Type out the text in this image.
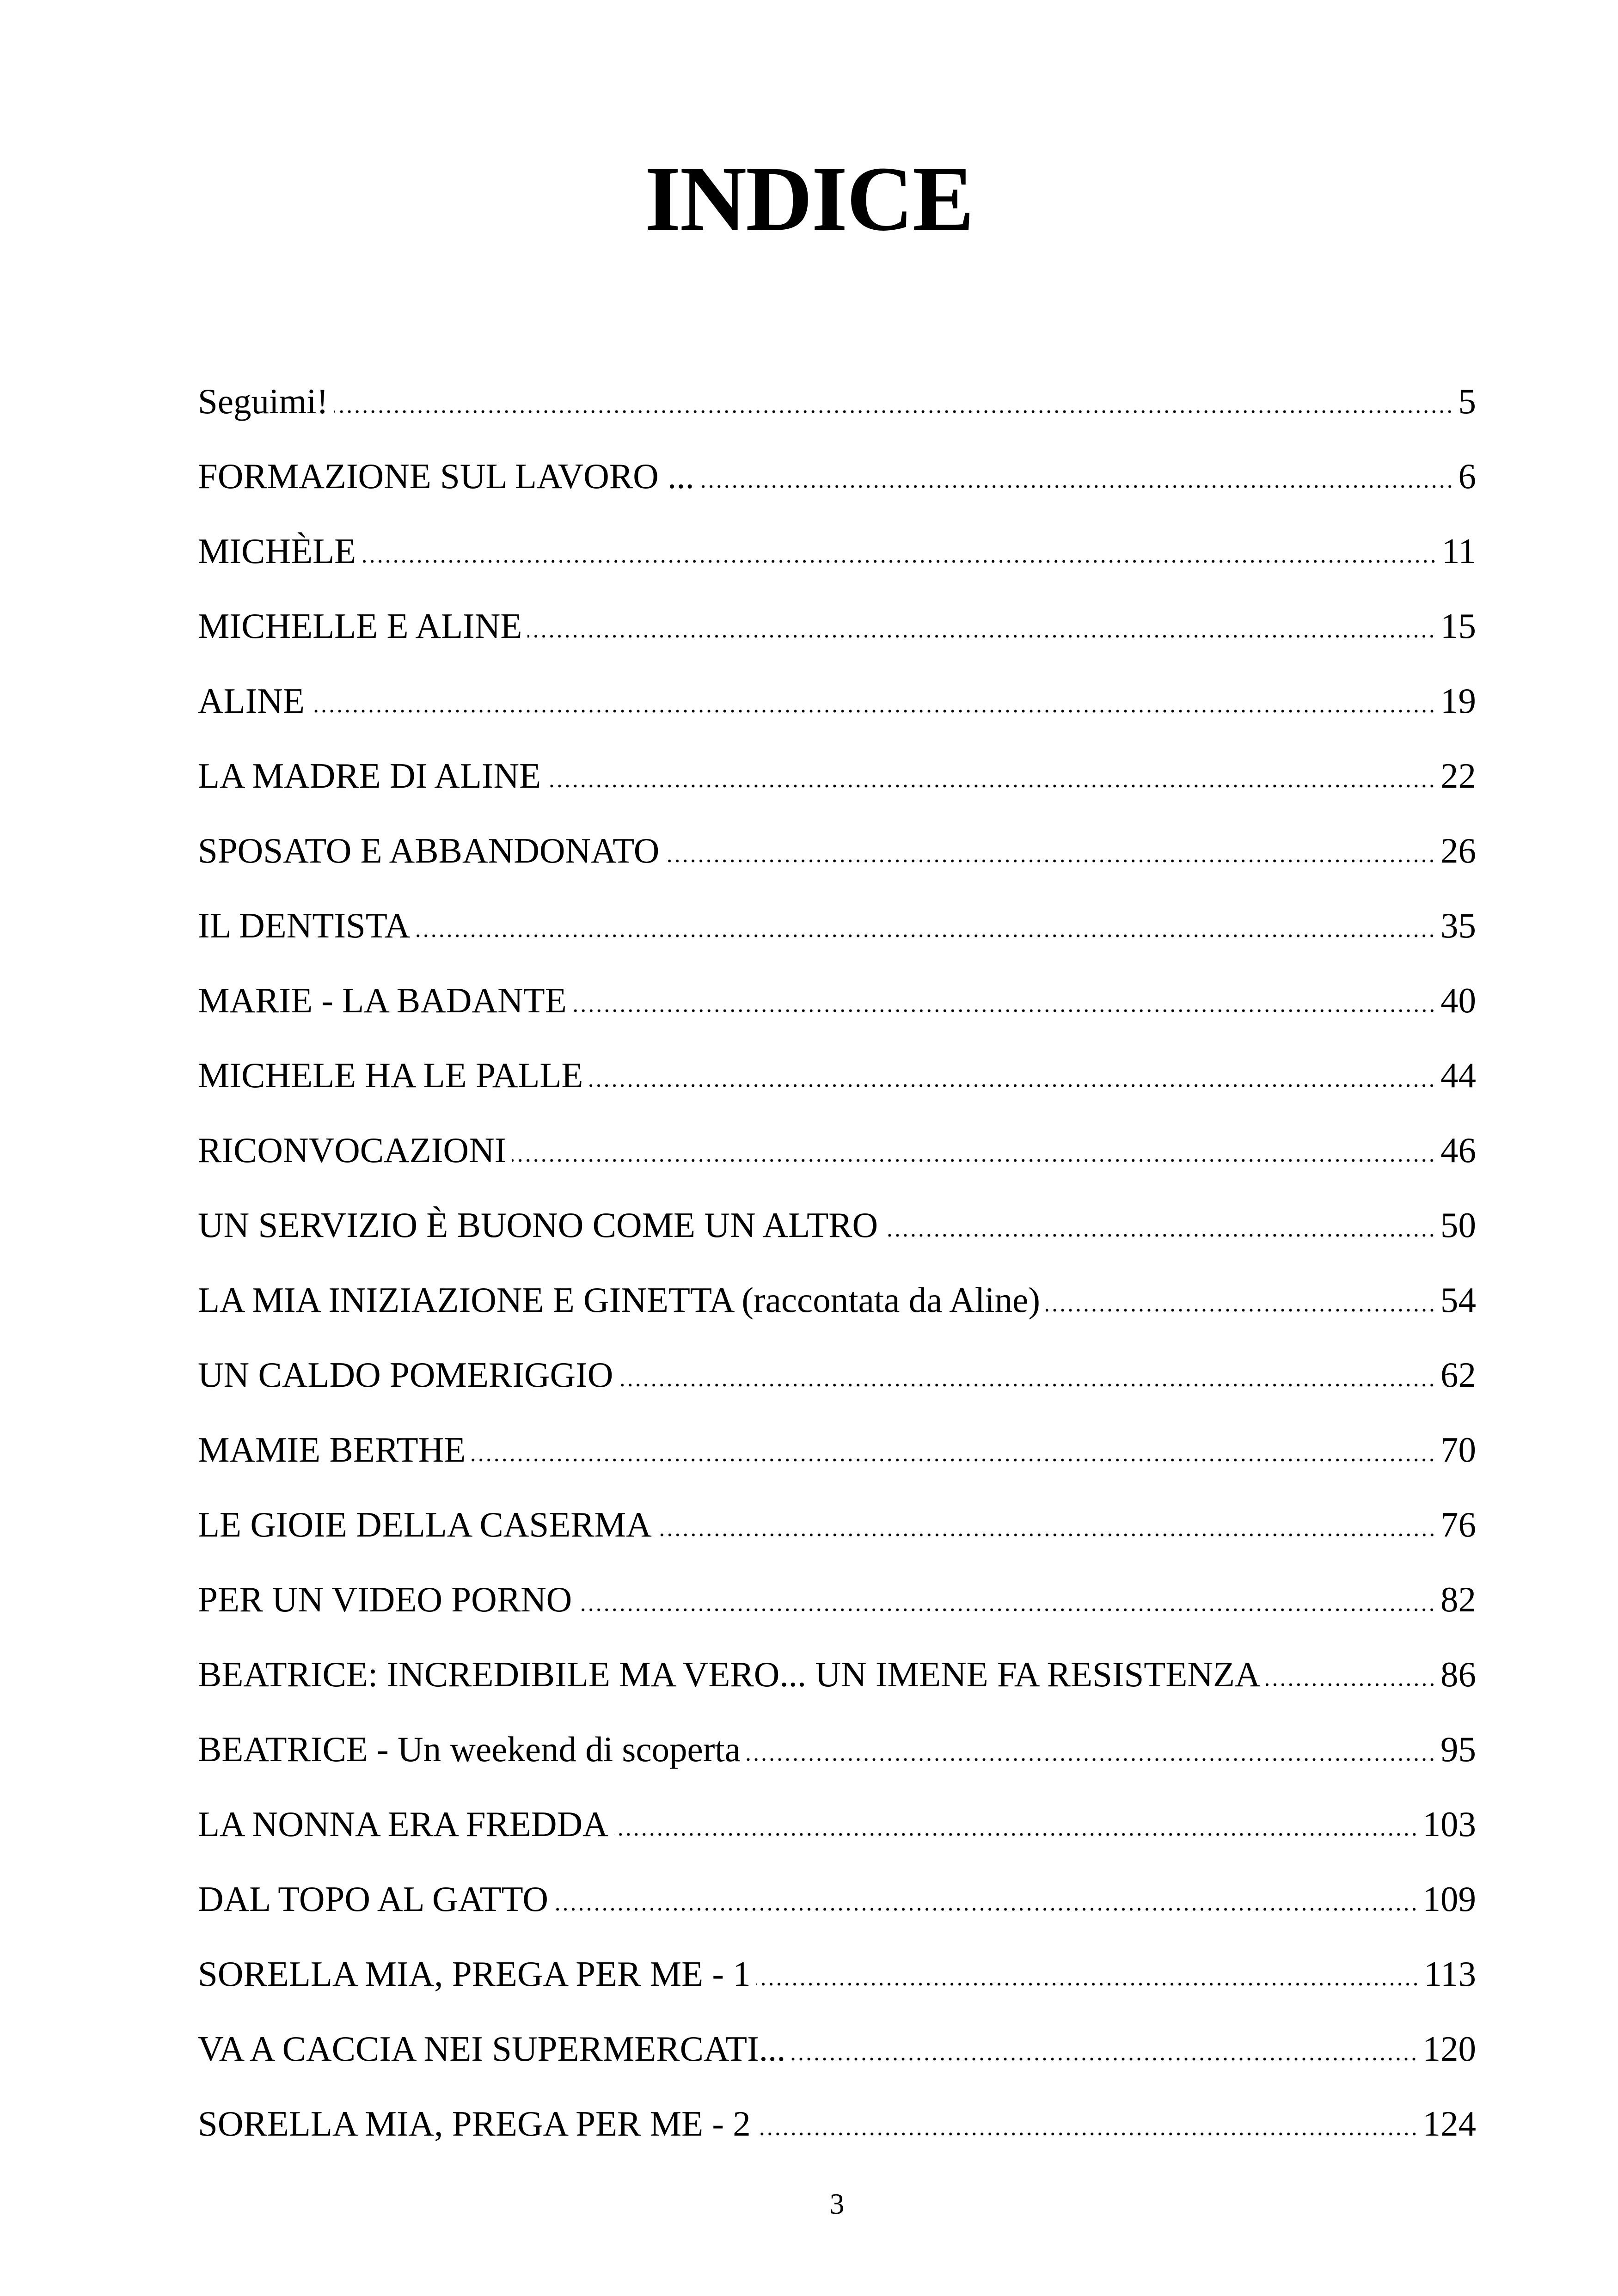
INDICE
Seguimi!	5
FORMAZIONE SUL LAVORO ...	6
MICHÈLE	11
MICHELLE E ALINE	15
ALINE	19
LA MADRE DI ALINE	22
SPOSATO E ABBANDONATO	26
IL DENTISTA	35
MARIE - LA BADANTE	40
MICHELE HA LE PALLE	44
RICONVOCAZIONI	46
UN SERVIZIO È BUONO COME UN ALTRO	50
LA MIA INIZIAZIONE E GINETTA (raccontata da Aline)	54
UN CALDO POMERIGGIO	62
MAMIE BERTHE	70
LE GIOIE DELLA CASERMA	76
PER UN VIDEO PORNO	82
BEATRICE: INCREDIBILE MA VERO... UN IMENE FA RESISTENZA	86
BEATRICE - Un weekend di scoperta	95
LA NONNA ERA FREDDA	103
DAL TOPO AL GATTO	109
SORELLA MIA, PREGA PER ME - 1	113
VA A CACCIA NEI SUPERMERCATI...	120
SORELLA MIA, PREGA PER ME - 2	124
3
